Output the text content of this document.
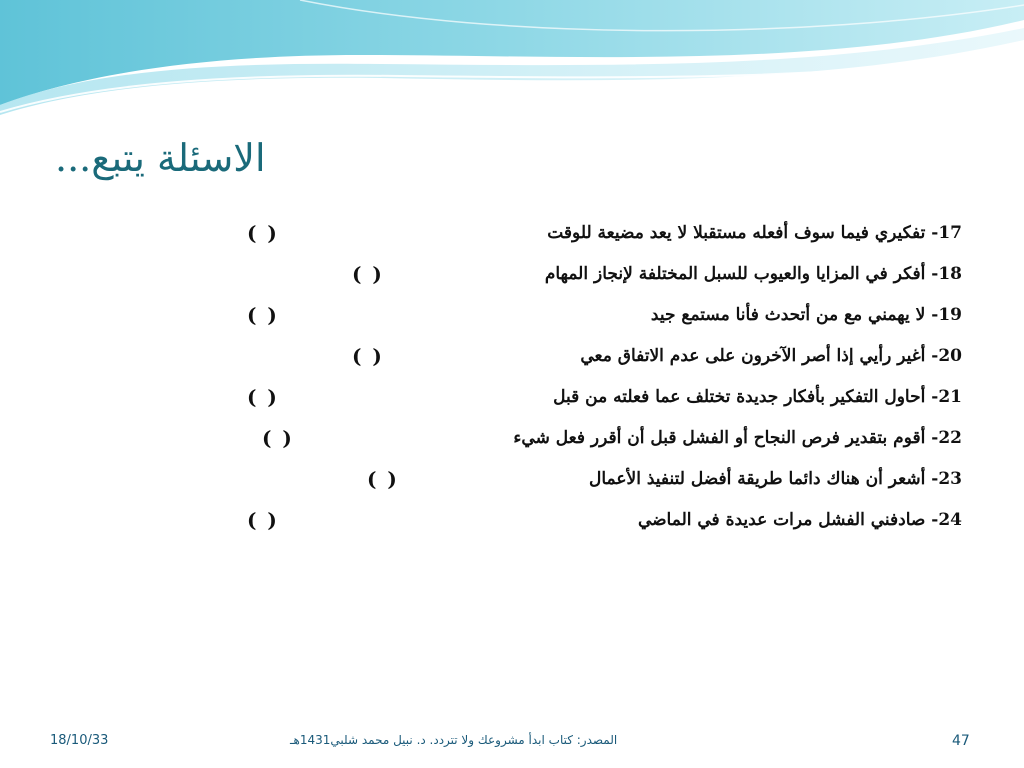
الاسئلة يتبع...
17- تفكيري فيما سوف أفعله مستقبلا لا يعد مضيعة للوقت
( )
18- أفكر في المزايا والعيوب للسبل المختلفة لإنجاز المهام
( )
19- لا يهمني مع من أتحدث فأنا مستمع جيد
( )
20- أغير رأيي إذا أصر الآخرون على عدم الاتفاق معي
( )
21- أحاول التفكير بأفكار جديدة تختلف عما فعلته من قبل
( )
22- أقوم بتقدير فرص النجاح أو الفشل قبل أن أقرر فعل شيء
( )
23- أشعر أن هناك دائما طريقة أفضل لتنفيذ الأعمال
( )
24- صادفني الفشل مرات عديدة في الماضي
( )
18/10/33	المصدر: كتاب ابدأ مشروعك ولا تتردد. د. نبيل محمد شلبي1431هـ	47
